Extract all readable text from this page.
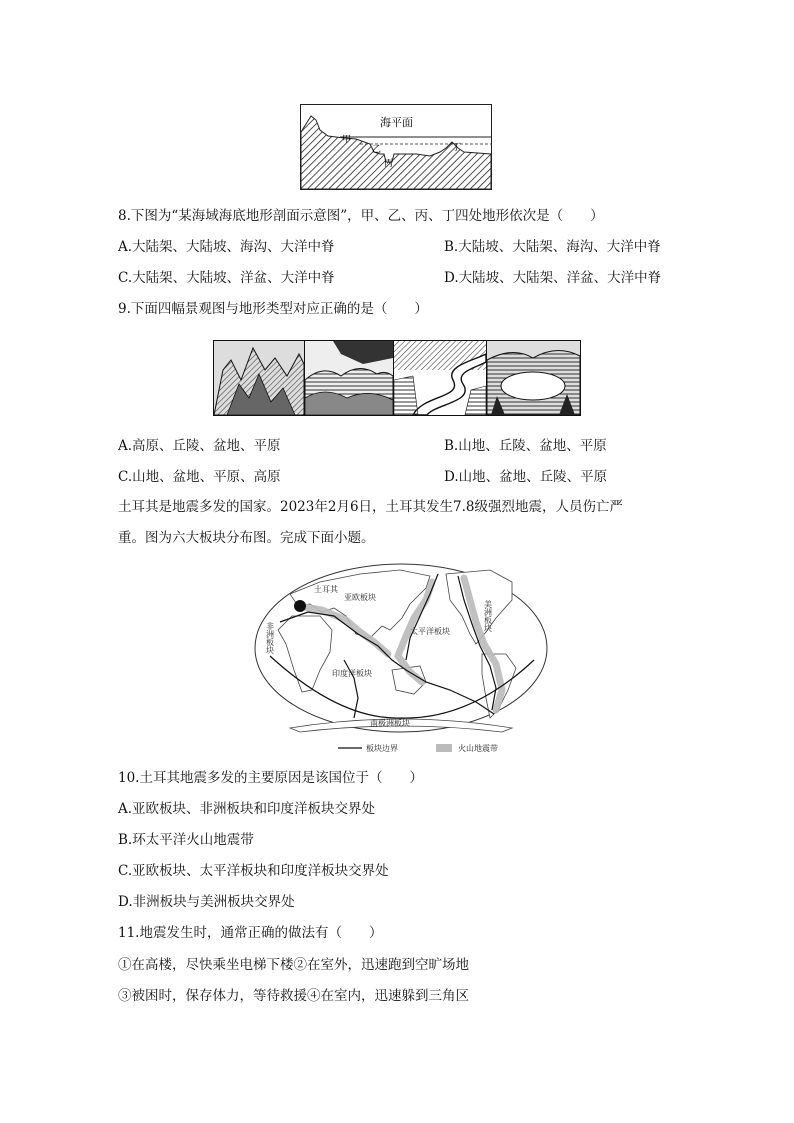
海平面
甲
乙
丙
丁
8.下图为“某海域海底地形剖面示意图”，甲、乙、丙、丁四处地形依次是（　　）
A.大陆架、大陆坡、海沟、大洋中脊	B.大陆坡、大陆架、海沟、大洋中脊
C.大陆架、大陆坡、洋盆、大洋中脊	D.大陆坡、大陆架、洋盆、大洋中脊
9.下面四幅景观图与地形类型对应正确的是（　　）
A.高原、丘陵、盆地、平原	B.山地、丘陵、盆地、平原
C.山地、盆地、平原、高原	D.山地、盆地、丘陵、平原
土耳其是地震多发的国家。2023年2月6日，土耳其发生7.8级强烈地震，人员伤亡严
重。图为六大板块分布图。完成下面小题。
土耳其
亚欧板块
太平洋板块
印度洋板块
南极洲板块
非洲板块
美洲板块
板块边界	火山地震带
10.土耳其地震多发的主要原因是该国位于（　　）
A.亚欧板块、非洲板块和印度洋板块交界处
B.环太平洋火山地震带
C.亚欧板块、太平洋板块和印度洋板块交界处
D.非洲板块与美洲板块交界处
11.地震发生时，通常正确的做法有（　　）
①在高楼，尽快乘坐电梯下楼②在室外，迅速跑到空旷场地
③被困时，保存体力，等待救援④在室内，迅速躲到三角区
